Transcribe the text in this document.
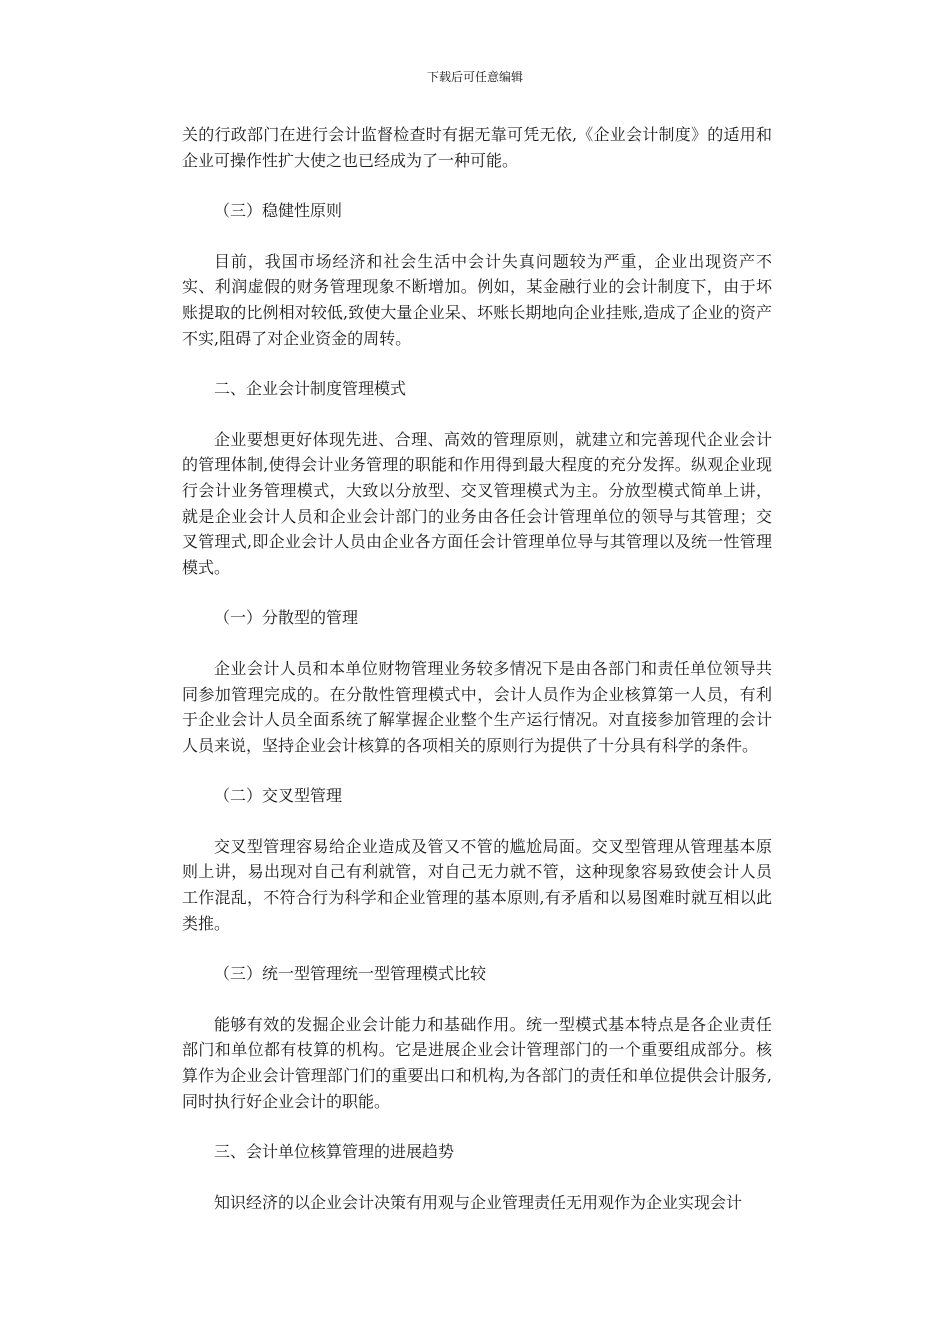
下载后可任意编辑

关的行政部门在进行会计监督检查时有据无靠可凭无依,《企业会计制度》的适用和企业可操作性扩大使之也已经成为了一种可能。

（三）稳健性原则

目前，我国市场经济和社会生活中会计失真问题较为严重，企业出现资产不实、利润虚假的财务管理现象不断增加。例如，某金融行业的会计制度下，由于坏账提取的比例相对较低,致使大量企业呆、坏账长期地向企业挂账,造成了企业的资产不实,阻碍了对企业资金的周转。

二、企业会计制度管理模式

企业要想更好体现先进、合理、高效的管理原则，就建立和完善现代企业会计的管理体制,使得会计业务管理的职能和作用得到最大程度的充分发挥。纵观企业现行会计业务管理模式，大致以分放型、交叉管理模式为主。分放型模式简单上讲，就是企业会计人员和企业会计部门的业务由各任会计管理单位的领导与其管理；交叉管理式,即企业会计人员由企业各方面任会计管理单位导与其管理以及统一性管理模式。

（一）分散型的管理

企业会计人员和本单位财物管理业务较多情况下是由各部门和责任单位领导共同参加管理完成的。在分散性管理模式中，会计人员作为企业核算第一人员，有利于企业会计人员全面系统了解掌握企业整个生产运行情况。对直接参加管理的会计人员来说，坚持企业会计核算的各项相关的原则行为提供了十分具有科学的条件。

（二）交叉型管理

交叉型管理容易给企业造成及管又不管的尴尬局面。交叉型管理从管理基本原则上讲，易出现对自己有利就管，对自己无力就不管，这种现象容易致使会计人员工作混乱，不符合行为科学和企业管理的基本原则,有矛盾和以易图难时就互相以此类推。

（三）统一型管理统一型管理模式比较

能够有效的发掘企业会计能力和基础作用。统一型模式基本特点是各企业责任部门和单位都有枝算的机构。它是进展企业会计管理部门的一个重要组成部分。核算作为企业会计管理部门们的重要出口和机构,为各部门的责任和单位提供会计服务,同时执行好企业会计的职能。

三、会计单位核算管理的进展趋势

知识经济的以企业会计决策有用观与企业管理责任无用观作为企业实现会计
